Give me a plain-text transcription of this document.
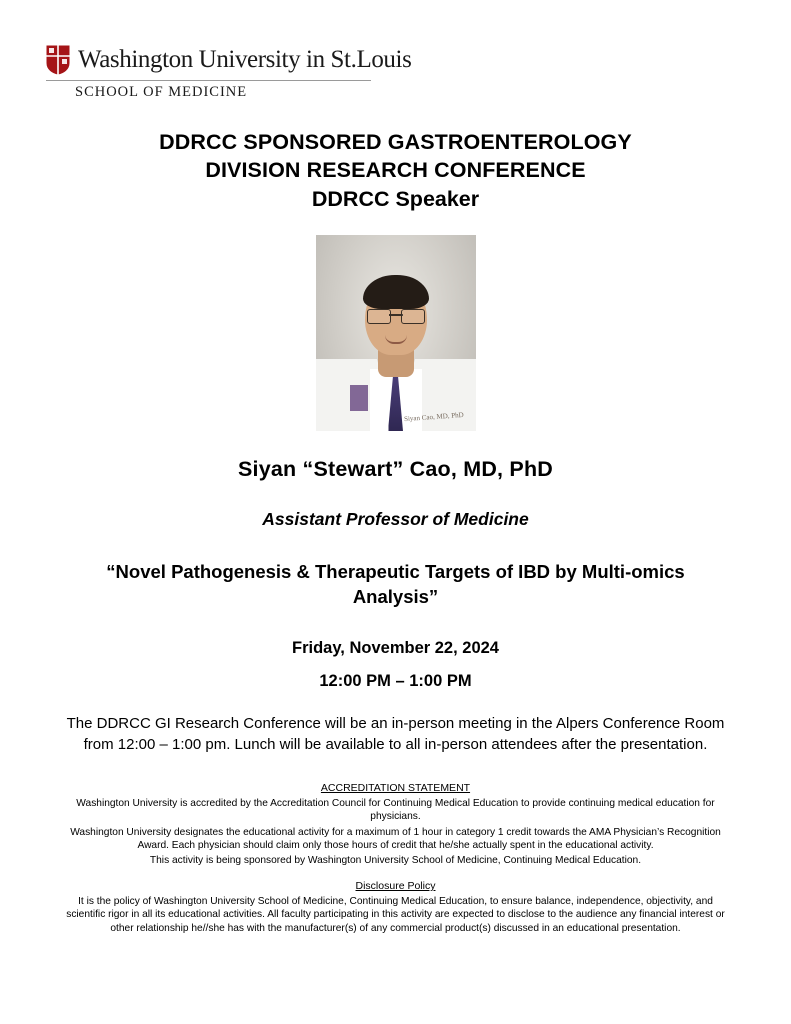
Washington University in St.Louis
SCHOOL OF MEDICINE
DDRCC SPONSORED GASTROENTEROLOGY
DIVISION RESEARCH CONFERENCE
DDRCC Speaker
Siyan Cao, MD, PhD
Siyan “Stewart” Cao, MD, PhD
Assistant Professor of Medicine
“Novel Pathogenesis & Therapeutic Targets of IBD by Multi-omics Analysis”
Friday, November 22, 2024
12:00 PM – 1:00 PM
The DDRCC GI Research Conference will be an in-person meeting in the Alpers Conference Room from 12:00 – 1:00 pm. Lunch will be available to all in-person attendees after the presentation.
ACCREDITATION STATEMENT

Washington University is accredited by the Accreditation Council for Continuing Medical Education to provide continuing medical education for physicians.

Washington University designates the educational activity for a maximum of 1 hour in category 1 credit towards the AMA Physician’s Recognition Award. Each physician should claim only those hours of credit that he/she actually spent in the educational activity.

This activity is being sponsored by Washington University School of Medicine, Continuing Medical Education.

Disclosure Policy

It is the policy of Washington University School of Medicine, Continuing Medical Education, to ensure balance, independence, objectivity, and scientific rigor in all its educational activities. All faculty participating in this activity are expected to disclose to the audience any financial interest or other relationship he//she has with the manufacturer(s) of any commercial product(s) discussed in an educational presentation.
